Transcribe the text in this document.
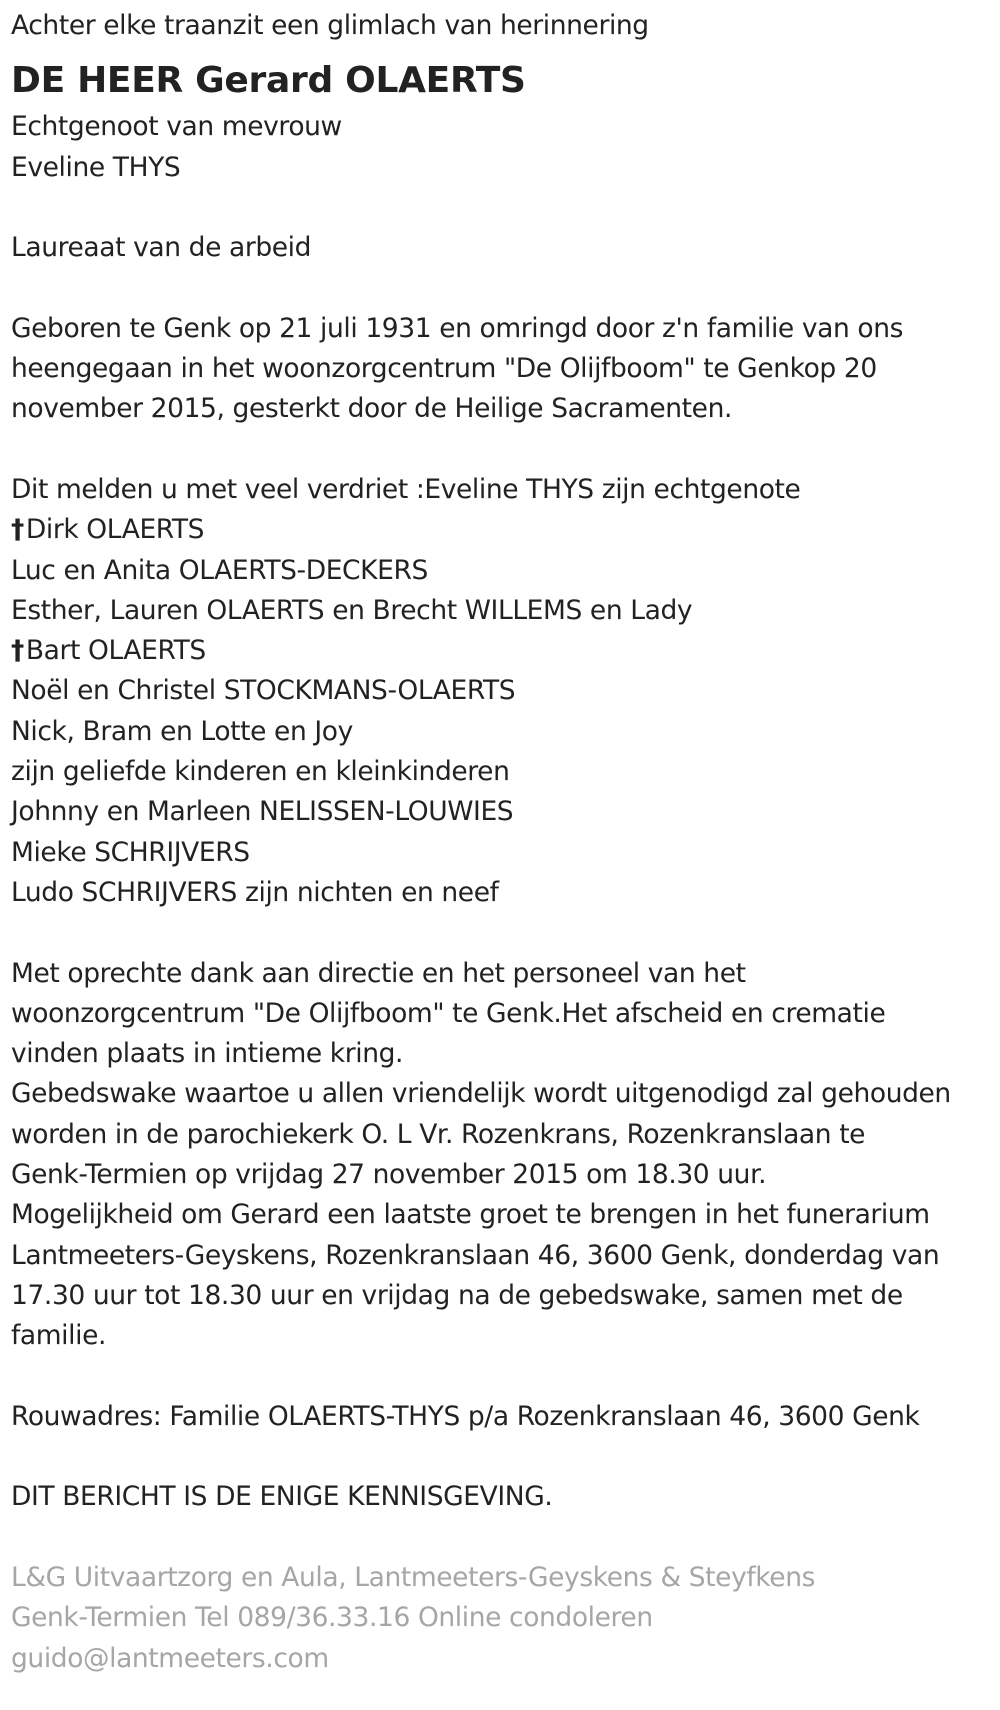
Achter elke traanzit een glimlach van herinnering
DE HEER Gerard OLAERTS
Echtgenoot van mevrouw
Eveline THYS
Laureaat van de arbeid
Geboren te Genk op 21 juli 1931 en omringd door z'n familie van ons
heengegaan in het woonzorgcentrum "De Olijfboom" te Genkop 20
november 2015, gesterkt door de Heilige Sacramenten.
Dit melden u met veel verdriet :Eveline THYS zijn echtgenote
†Dirk OLAERTS
Luc en Anita OLAERTS-DECKERS
Esther, Lauren OLAERTS en Brecht WILLEMS en Lady
†Bart OLAERTS
Noël en Christel STOCKMANS-OLAERTS
Nick, Bram en Lotte en Joy
zijn geliefde kinderen en kleinkinderen
Johnny en Marleen NELISSEN-LOUWIES
Mieke SCHRIJVERS
Ludo SCHRIJVERS zijn nichten en neef
Met oprechte dank aan directie en het personeel van het
woonzorgcentrum "De Olijfboom" te Genk.Het afscheid en crematie
vinden plaats in intieme kring.
Gebedswake waartoe u allen vriendelijk wordt uitgenodigd zal gehouden
worden in de parochiekerk O. L Vr. Rozenkrans, Rozenkranslaan te
Genk-Termien op vrijdag 27 november 2015 om 18.30 uur.
Mogelijkheid om Gerard een laatste groet te brengen in het funerarium
Lantmeeters-Geyskens, Rozenkranslaan 46, 3600 Genk, donderdag van
17.30 uur tot 18.30 uur en vrijdag na de gebedswake, samen met de
familie.
Rouwadres: Familie OLAERTS-THYS p/a Rozenkranslaan 46, 3600 Genk
DIT BERICHT IS DE ENIGE KENNISGEVING.
L&G Uitvaartzorg en Aula, Lantmeeters-Geyskens & Steyfkens
Genk-Termien Tel 089/36.33.16 Online condoleren
guido@lantmeeters.com
